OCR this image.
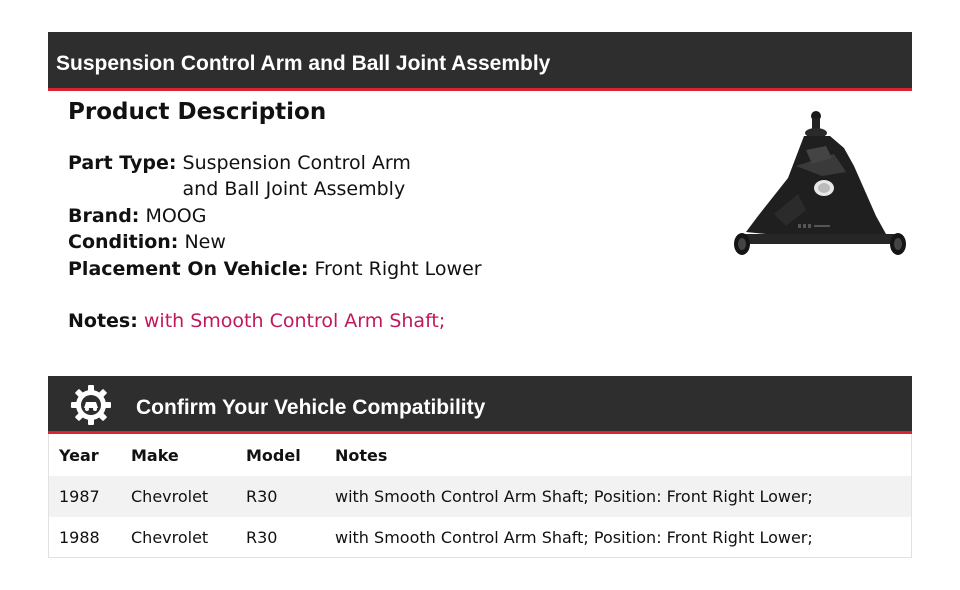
Suspension Control Arm and Ball Joint Assembly
Product Description
Part Type: Suspension Control Arm and Ball Joint Assembly
Brand: MOOG
Condition: New
Placement On Vehicle: Front Right Lower
Notes: with Smooth Control Arm Shaft;
Confirm Your Vehicle Compatibility
Year	Make	Model	Notes
1987	Chevrolet	R30	with Smooth Control Arm Shaft; Position: Front Right Lower;
1988	Chevrolet	R30	with Smooth Control Arm Shaft; Position: Front Right Lower;
